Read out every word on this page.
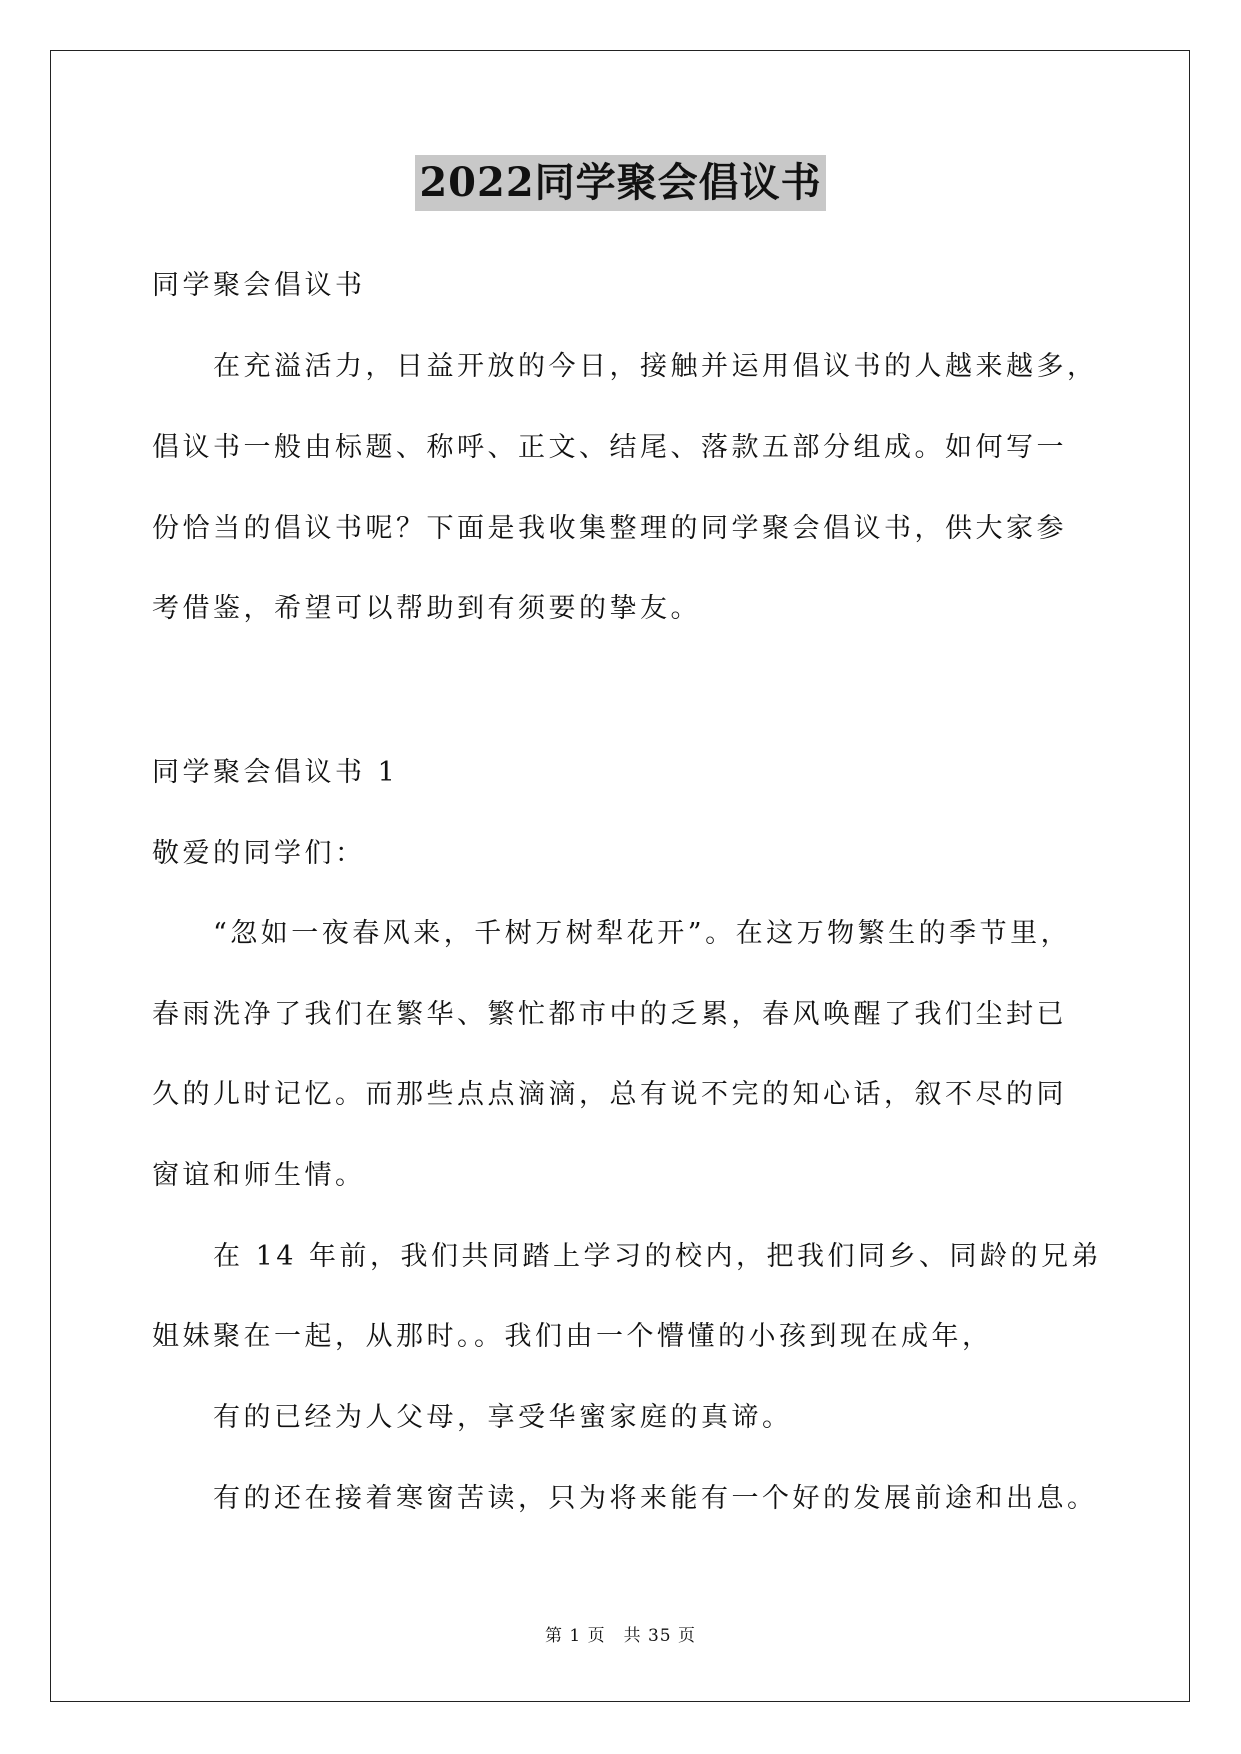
2022同学聚会倡议书
同学聚会倡议书
在充溢活力，日益开放的今日，接触并运用倡议书的人越来越多，
倡议书一般由标题、称呼、正文、结尾、落款五部分组成。如何写一
份恰当的倡议书呢？下面是我收集整理的同学聚会倡议书，供大家参
考借鉴，希望可以帮助到有须要的挚友。
同学聚会倡议书 1
敬爱的同学们：
“忽如一夜春风来，千树万树犁花开”。在这万物繁生的季节里，
春雨洗净了我们在繁华、繁忙都市中的乏累，春风唤醒了我们尘封已
久的儿时记忆。而那些点点滴滴，总有说不完的知心话，叙不尽的同
窗谊和师生情。
在 14 年前，我们共同踏上学习的校内，把我们同乡、同龄的兄弟
姐妹聚在一起，从那时。。我们由一个懵懂的小孩到现在成年，
有的已经为人父母，享受华蜜家庭的真谛。
有的还在接着寒窗苦读，只为将来能有一个好的发展前途和出息。
第 1 页　共 35 页
